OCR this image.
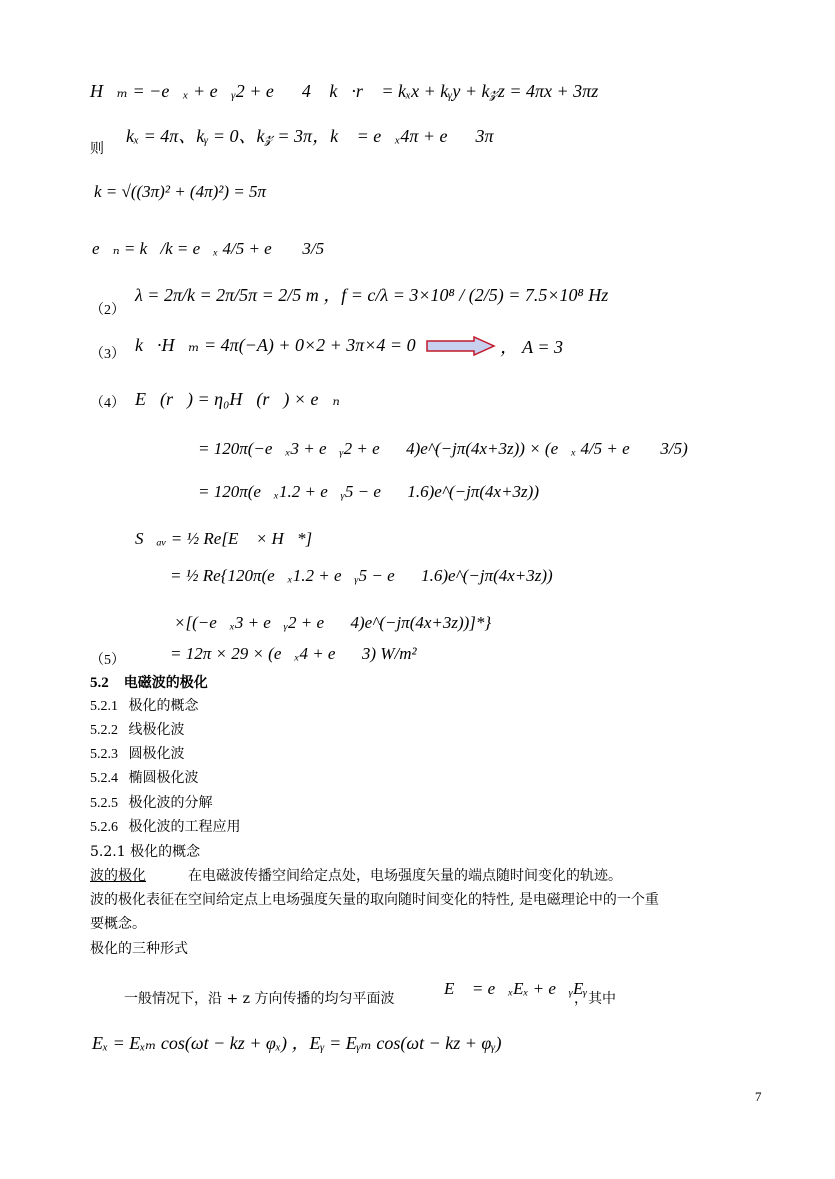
H⃗ₘ = −e⃗ₓ + e⃗ᵧ2 + e⃗𝓏4 ，k⃗·r⃗ = kₓx + kᵧy + k𝓏z = 4πx + 3πz
则
kₓ = 4π、kᵧ = 0、k𝓏 = 3π，k⃗ = e⃗ₓ4π + e⃗𝓏3π
k = √((3π)² + (4π)²) = 5π
e⃗ₙ = k⃗/k = e⃗ₓ 4/5 + e⃗𝓏 3/5
（2）
λ = 2π/k = 2π/5π = 2/5 m ，f = c/λ = 3×10⁸ / (2/5) = 7.5×10⁸ Hz
（3） k⃗·H⃗ₘ = 4π(−A) + 0×2 + 3π×4 = 0	， A = 3
（4） E⃗(r⃗) = η₀H⃗(r⃗) × e⃗ₙ
= 120π(−e⃗ₓ3 + e⃗ᵧ2 + e⃗𝓏4)e^(−jπ(4x+3z)) × (e⃗ₓ 4/5 + e⃗𝓏 3/5)
= 120π(e⃗ₓ1.2 + e⃗ᵧ5 − e⃗𝓏1.6)e^(−jπ(4x+3z))
S⃗ₐᵥ = ½ Re[E⃗ × H⃗*]
= ½ Re{120π(e⃗ₓ1.2 + e⃗ᵧ5 − e⃗𝓏1.6)e^(−jπ(4x+3z))
×[(−e⃗ₓ3 + e⃗ᵧ2 + e⃗𝓏4)e^(−jπ(4x+3z))]*}
（5）	= 12π × 29 × (e⃗ₓ4 + e⃗𝓏3) W/m²
5.2 电磁波的极化
5.2.1 极化的概念
5.2.2 线极化波
5.2.3 圆极化波
5.2.4 椭圆极化波
5.2.5 极化波的分解
5.2.6 极化波的工程应用
5.2.1 极化的概念
波的极化	在电磁波传播空间给定点处，电场强度矢量的端点随时间变化的轨迹。
波的极化表征在空间给定点上电场强度矢量的取向随时间变化的特性, 是电磁理论中的一个重
要概念。
极化的三种形式
一般情况下，沿 + z 方向传播的均匀平面波
E⃗ = e⃗ₓEₓ + e⃗ᵧEᵧ
，其中
Eₓ = Eₓₘ cos(ωt − kz + φₓ) ，Eᵧ = Eᵧₘ cos(ωt − kz + φᵧ)
7
